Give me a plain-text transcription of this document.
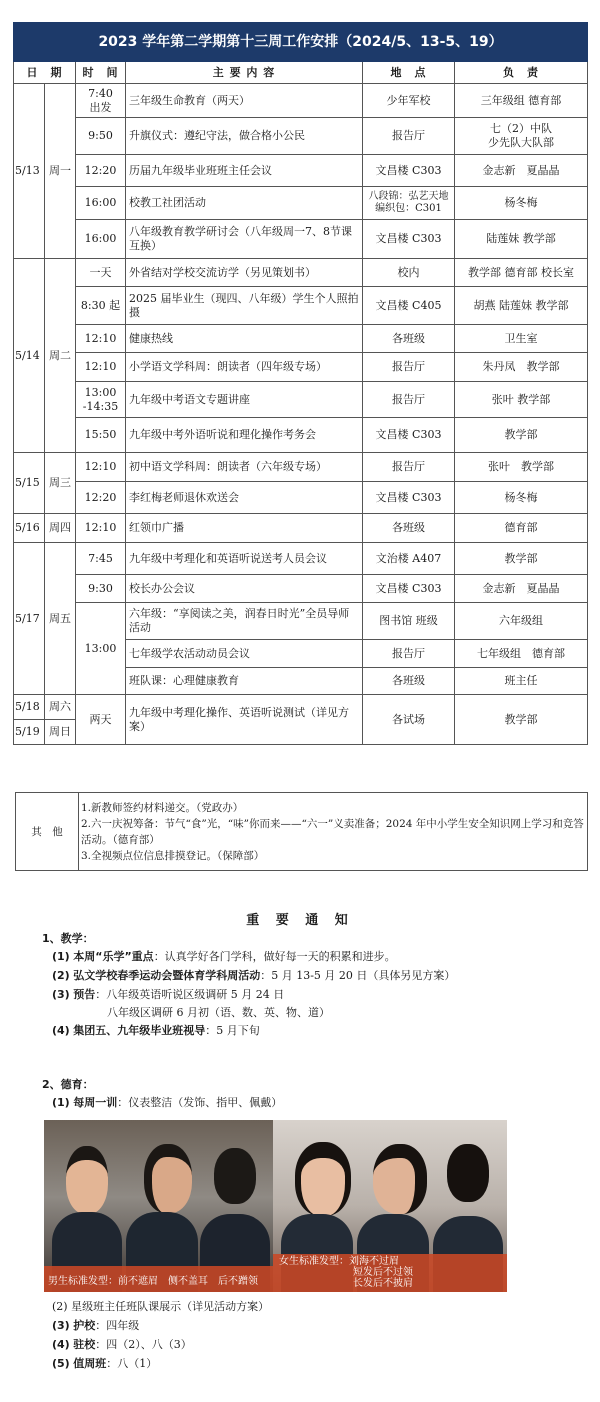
2023 学年第二学期第十三周工作安排（2024/5、13-5、19）					
日　期		时　间	主 要 内 容	地　点	负　责
5/13	周一	7:40
出发	三年级生命教育（两天）	少年军校	三年级组 德育部
		9:50	升旗仪式：遵纪守法，做合格小公民	报告厅	七（2）中队
少先队大队部
		12:20	历届九年级毕业班班主任会议	文昌楼 C303	金志新　夏晶晶
		16:00	校教工社团活动	八段锦：弘艺天地
编织包：C301	杨冬梅
		16:00	八年级教育教学研讨会（八年级周一7、8节课互换）	文昌楼 C303	陆莲妹 教学部
5/14	周二	一天	外省结对学校交流访学（另见策划书）	校内	教学部 德育部 校长室
		8:30 起	2025 届毕业生（现四、八年级）学生个人照拍摄	文昌楼 C405	胡燕 陆莲妹 教学部
		12:10	健康热线	各班级	卫生室
		12:10	小学语文学科周：朗读者（四年级专场）	报告厅	朱丹凤　教学部
		13:00
-14:35	九年级中考语文专题讲座	报告厅	张叶 教学部
		15:50	九年级中考外语听说和理化操作考务会	文昌楼 C303	教学部
5/15	周三	12:10	初中语文学科周：朗读者（六年级专场）	报告厅	张叶　教学部
		12:20	李红梅老师退休欢送会	文昌楼 C303	杨冬梅
5/16	周四	12:10	红领巾广播	各班级	德育部
5/17	周五	7:45	九年级中考理化和英语听说送考人员会议	文治楼 A407	教学部
		9:30	校长办公会议	文昌楼 C303	金志新　夏晶晶
		13:00	六年级：“享阅读之美，润春日时光”全员导师活动	图书馆 班级	六年级组
			七年级学农活动动员会议	报告厅	七年级组　德育部
			班队课：心理健康教育	各班级	班主任
5/18	周六	两天	九年级中考理化操作、英语听说测试（详见方案）	各试场	教学部
5/19	周日				
其　他	
1.新教师签约材料递交。（党政办）
2.六一庆祝筹备：节气“食”光，“味”你而来——“六一”义卖准备；2024 年中小学生安全知识网上学习和竞答活动。（德育部）
3.全视频点位信息排摸登记。（保障部）
重 要 通 知
1、教学：
(1) 本周“乐学”重点：认真学好各门学科，做好每一天的积累和进步。
(2) 弘文学校春季运动会暨体育学科周活动：5 月 13-5 月 20 日（具体另见方案）
(3) 预告：八年级英语听说区级调研 5 月 24 日
八年级区调研 6 月初（语、数、英、物、道）
(4) 集团五、九年级毕业班视导：5 月下旬
2、德育：
(1) 每周一训：仪表整洁（发饰、指甲、佩戴）
(2) 星级班主任班队课展示（详见活动方案）
(3) 护校：四年级
(4) 驻校：四（2）、八（3）
(5) 值周班：八（1）
男生标准发型：前不遮眉　侧不盖耳　后不蹭领
女生标准发型：刘海不过眉
短发后不过领
长发后不披肩
